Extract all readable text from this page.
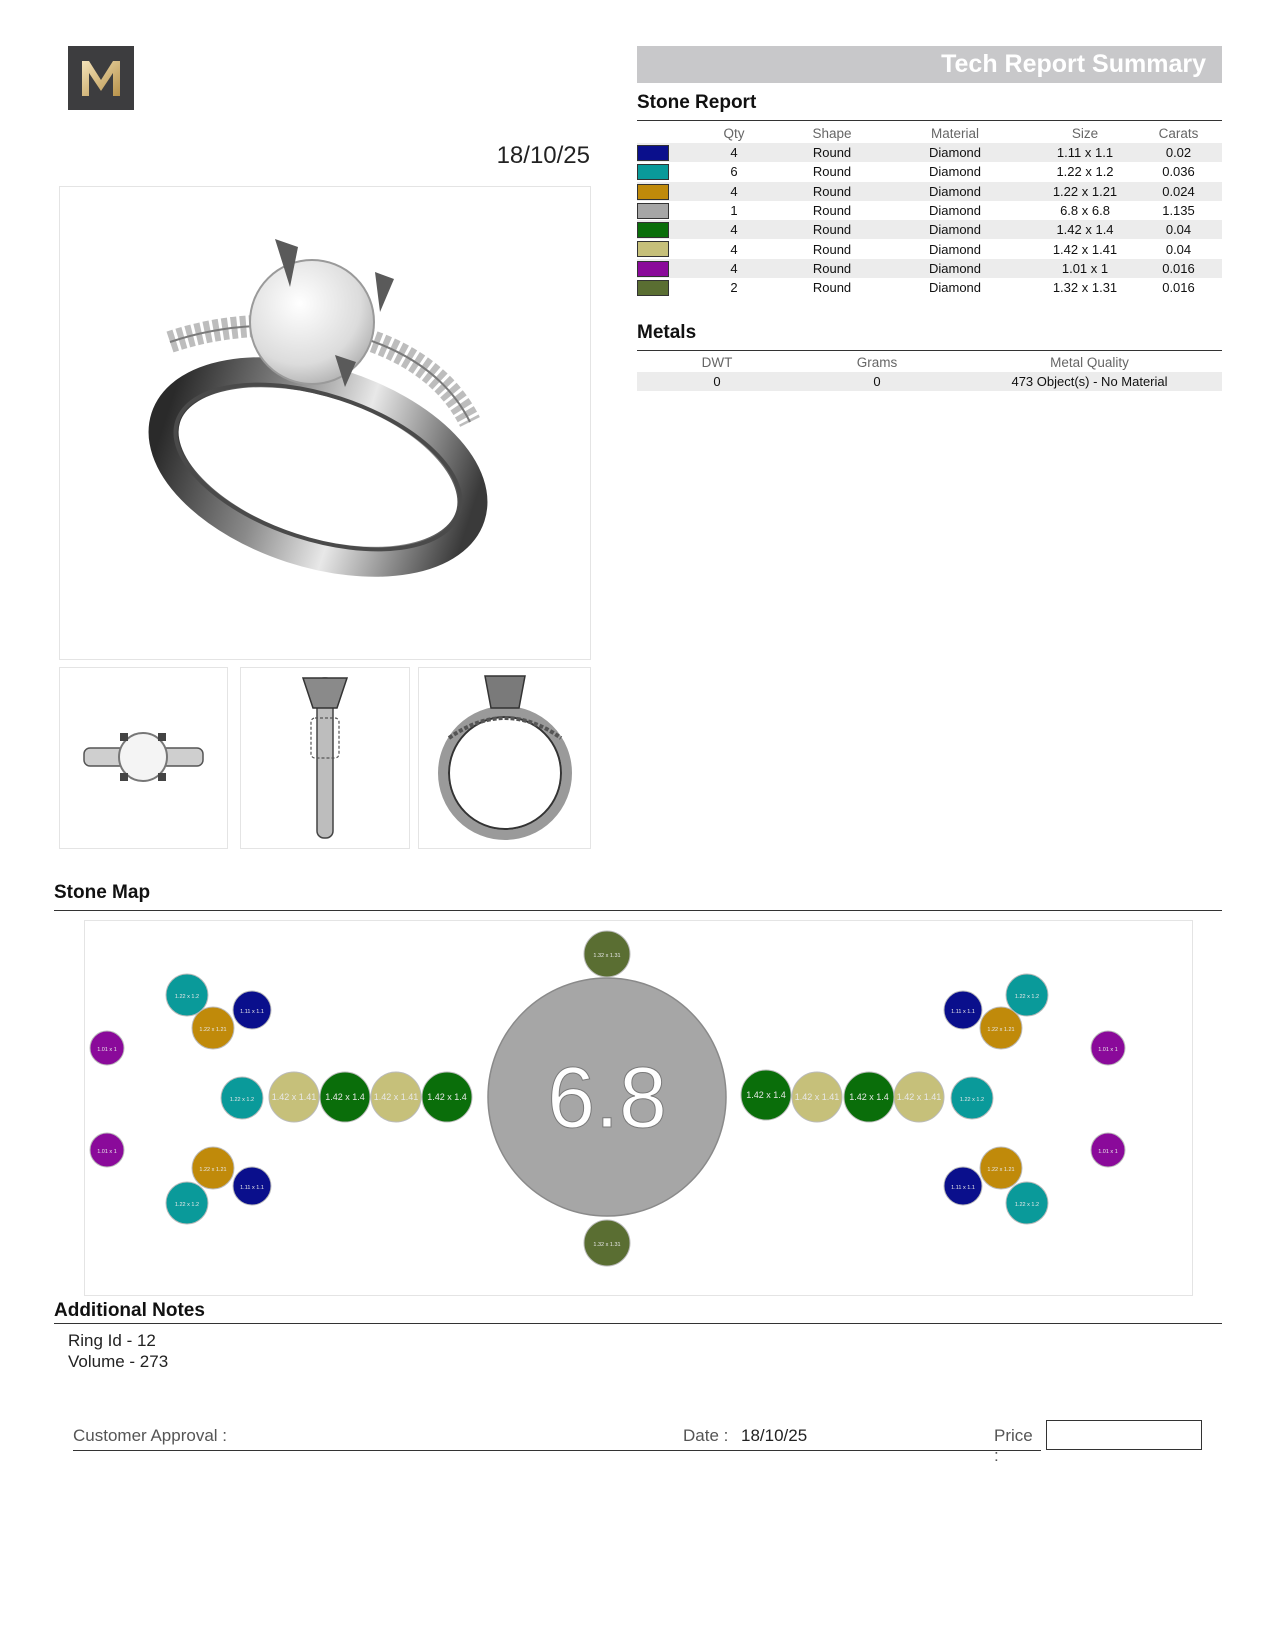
18/10/25
Tech Report Summary
Stone Report
	Qty	Shape	Material	Size	Carats
	4	Round	Diamond	1.11 x 1.1	0.02
	6	Round	Diamond	1.22 x 1.2	0.036
	4	Round	Diamond	1.22 x 1.21	0.024
	1	Round	Diamond	6.8 x 6.8	1.135
	4	Round	Diamond	1.42 x 1.4	0.04
	4	Round	Diamond	1.42 x 1.41	0.04
	4	Round	Diamond	1.01 x 1	0.016
	2	Round	Diamond	1.32 x 1.31	0.016
Metals
DWT	Grams	Metal Quality
0	0	473 Object(s) - No Material
Stone Map
6.8
1.32 x 1.31
1.32 x 1.31
1.22 x 1.2
1.11 x 1.1
1.22 x 1.21
1.01 x 1
1.22 x 1.2 1.42 x 1.41 1.42 x 1.4 1.42 x 1.41 1.42 x 1.4
1.01 x 1
1.22 x 1.21
1.11 x 1.1
1.22 x 1.2
1.22 x 1.2
1.11 x 1.1
1.22 x 1.21
1.01 x 1
1.42 x 1.4 1.42 x 1.41 1.42 x 1.4 1.42 x 1.41	1.22 x 1.2
1.01 x 1
1.22 x 1.21
1.11 x 1.1
1.22 x 1.2
Additional Notes
Ring Id - 12
Volume - 273
Customer Approval :	Date : 18/10/25	Price :
